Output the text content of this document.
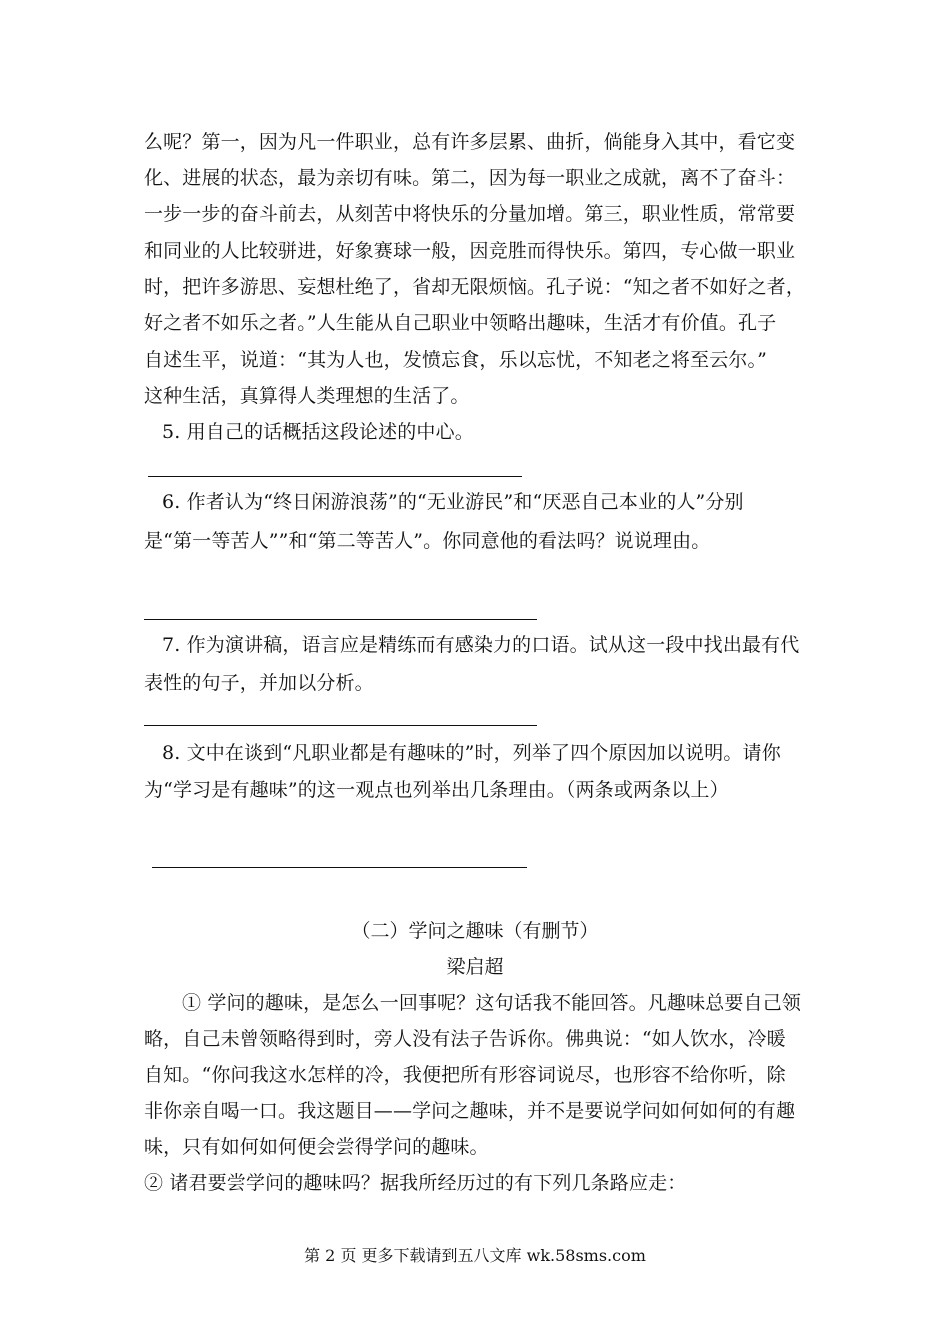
么呢？第一，因为凡一件职业，总有许多层累、曲折，倘能身入其中，看它变
化、进展的状态，最为亲切有味。第二，因为每一职业之成就，离不了奋斗：
一步一步的奋斗前去，从刻苦中将快乐的分量加增。第三，职业性质，常常要
和同业的人比较骈进，好象赛球一般，因竞胜而得快乐。第四，专心做一职业
时，把许多游思、妄想杜绝了，省却无限烦恼。孔子说：“知之者不如好之者，
好之者不如乐之者。”人生能从自己职业中领略出趣味，生活才有价值。孔子
自述生平，说道：“其为人也，发愤忘食，乐以忘忧，不知老之将至云尔。”
这种生活，真算得人类理想的生活了。
5. 用自己的话概括这段论述的中心。
6. 作者认为“终日闲游浪荡”的“无业游民”和“厌恶自己本业的人”分别
是“第一等苦人””和“第二等苦人”。你同意他的看法吗？说说理由。
7. 作为演讲稿，语言应是精练而有感染力的口语。试从这一段中找出最有代
表性的句子，并加以分析。
8. 文中在谈到“凡职业都是有趣味的”时，列举了四个原因加以说明。请你
为“学习是有趣味”的这一观点也列举出几条理由。（两条或两条以上）
（二）学问之趣味（有删节）
梁启超
① 学问的趣味，是怎么一回事呢？这句话我不能回答。凡趣味总要自己领
略，自己未曾领略得到时，旁人没有法子告诉你。佛典说：“如人饮水，冷暖
自知。“你问我这水怎样的冷，我便把所有形容词说尽，也形容不给你听，除
非你亲自喝一口。我这题目——学问之趣味，并不是要说学问如何如何的有趣
味，只有如何如何便会尝得学问的趣味。
② 诸君要尝学问的趣味吗？据我所经历过的有下列几条路应走：
第 2 页 更多下载请到五八文库 wk.58sms.com
